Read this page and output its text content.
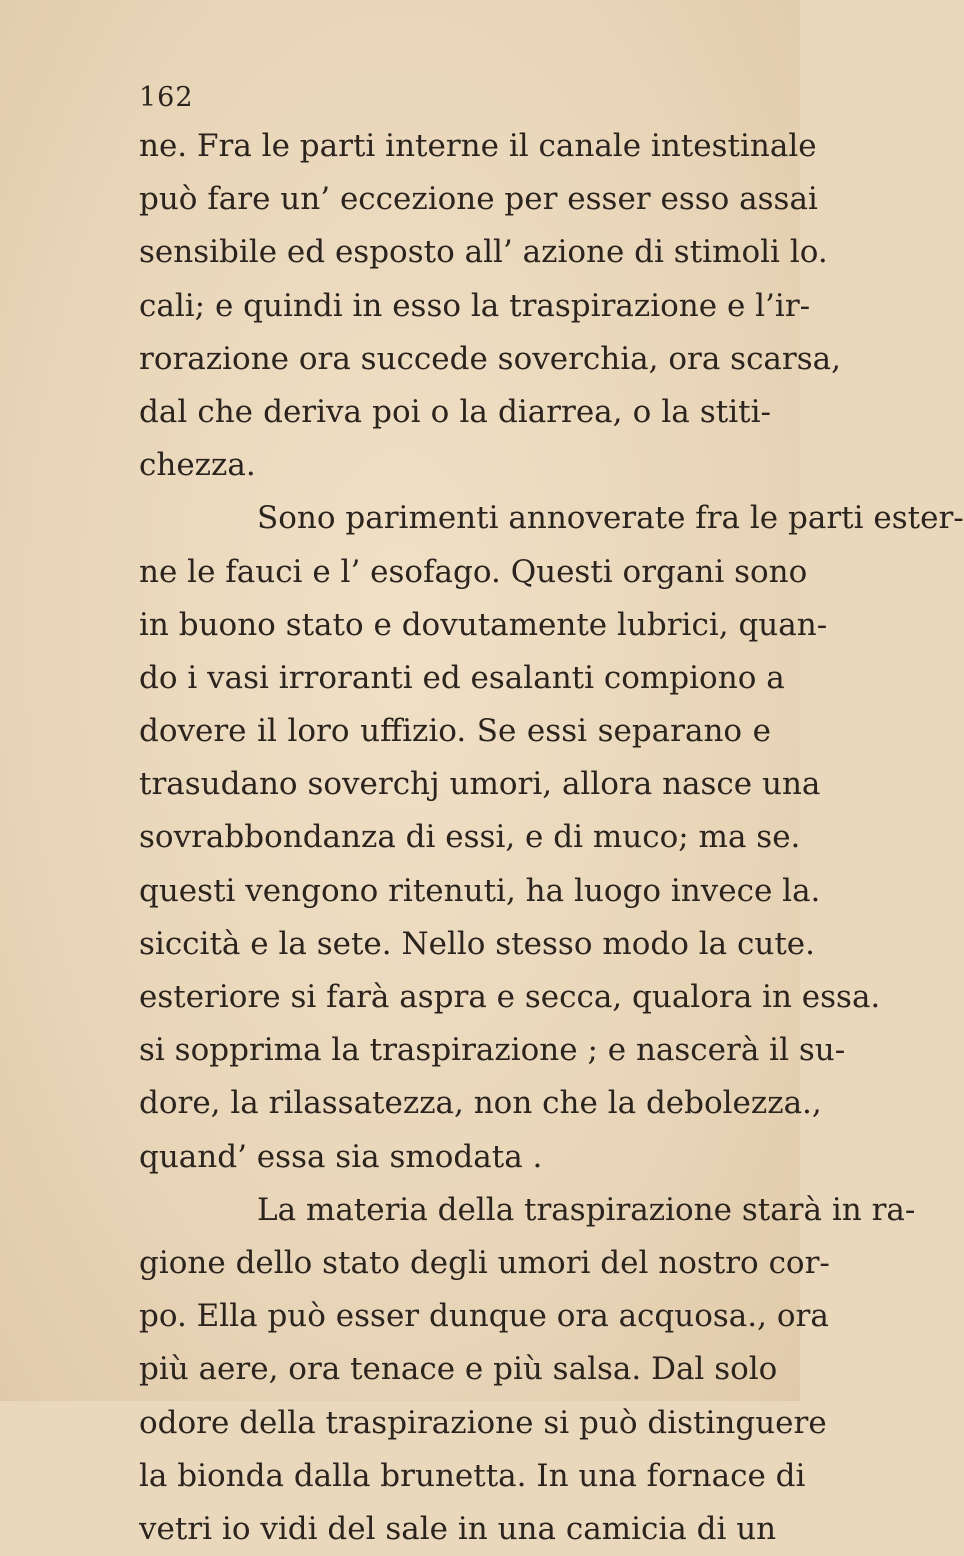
162
ne. Fra le parti interne il canale intestinale
può fare un’ eccezione per esser esso assai
sensibile ed esposto all’ azione di stimoli lo.
cali; e quindi in esso la traspirazione e l’ir-
rorazione ora succede soverchia, ora scarsa,
dal che deriva poi o la diarrea, o la stiti-
chezza.
Sono parimenti annoverate fra le parti ester-
ne le fauci e l’ esofago. Questi organi sono
in buono stato e dovutamente lubrici, quan-
do i vasi irroranti ed esalanti compiono a
dovere il loro uffizio. Se essi separano e
trasudano soverchj umori, allora nasce una
sovrabbondanza di essi, e di muco; ma se.
questi vengono ritenuti, ha luogo invece la.
siccità e la sete. Nello stesso modo la cute.
esteriore si farà aspra e secca, qualora in essa.
si sopprima la traspirazione ; e nascerà il su-
dore, la rilassatezza, non che la debolezza.,
quand’ essa sia smodata .
La materia della traspirazione starà in ra-
gione dello stato degli umori del nostro cor-
po. Ella può esser dunque ora acquosa., ora
più aere, ora tenace e più salsa. Dal solo
odore della traspirazione si può distinguere
la bionda dalla brunetta. In una fornace di
vetri io vidi del sale in una camicia di un
